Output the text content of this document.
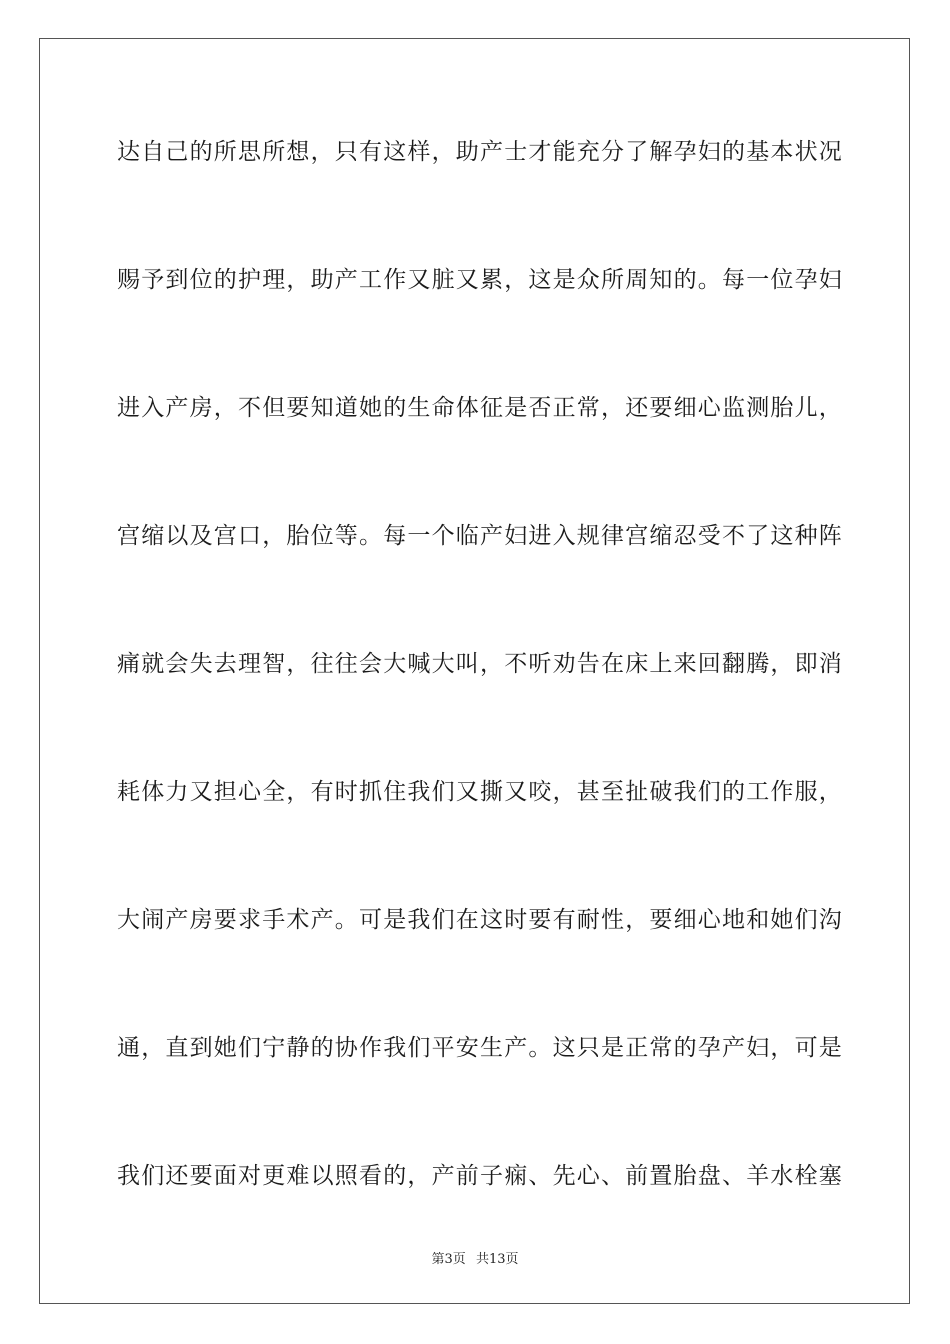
达自己的所思所想，只有这样，助产士才能充分了解孕妇的基本状况

赐予到位的护理，助产工作又脏又累，这是众所周知的。每一位孕妇

进入产房，不但要知道她的生命体征是否正常，还要细心监测胎儿，

宫缩以及宫口，胎位等。每一个临产妇进入规律宫缩忍受不了这种阵

痛就会失去理智，往往会大喊大叫，不听劝告在床上来回翻腾，即消

耗体力又担心全，有时抓住我们又撕又咬，甚至扯破我们的工作服，

大闹产房要求手术产。可是我们在这时要有耐性，要细心地和她们沟

通，直到她们宁静的协作我们平安生产。这只是正常的孕产妇，可是

我们还要面对更难以照看的，产前子痫、先心、前置胎盘、羊水栓塞

第3页 共13页
